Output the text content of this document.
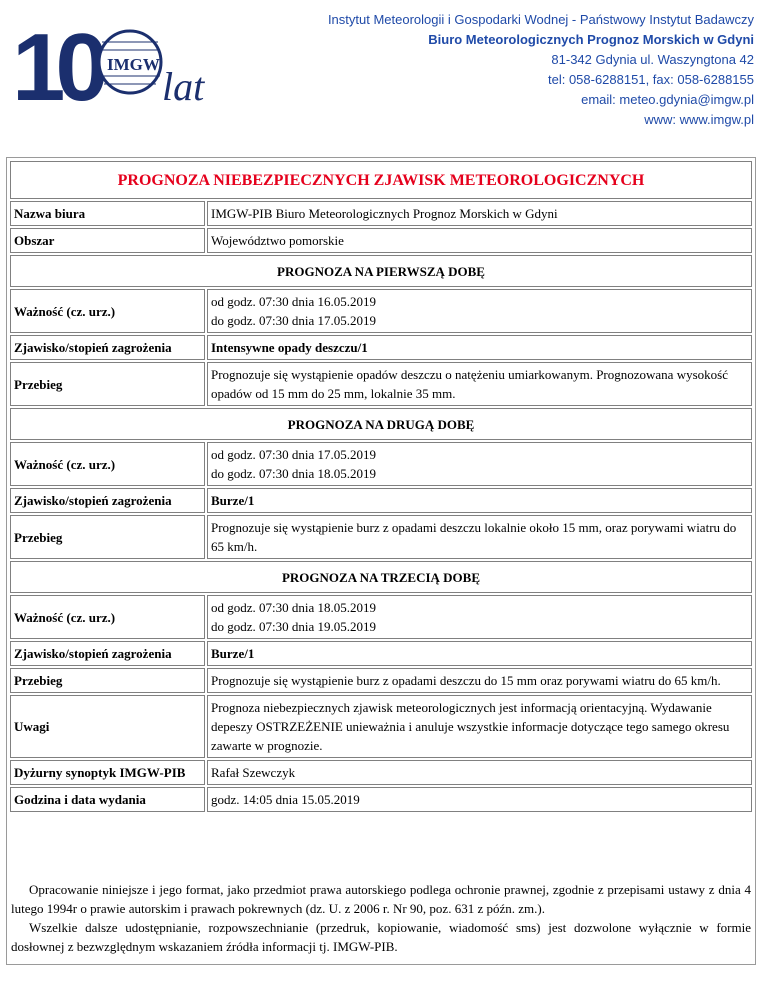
10 IMGW lat
Instytut Meteorologii i Gospodarki Wodnej - Państwowy Instytut Badawczy
Biuro Meteorologicznych Prognoz Morskich w Gdyni
81-342 Gdynia ul. Waszyngtona 42
tel: 058-6288151, fax: 058-6288155
email: meteo.gdynia@imgw.pl
www: www.imgw.pl
PROGNOZA NIEBEZPIECZNYCH ZJAWISK METEOROLOGICZNYCH	
Nazwa biura	IMGW-PIB Biuro Meteorologicznych Prognoz Morskich w Gdyni
Obszar	Województwo pomorskie
PROGNOZA NA PIERWSZĄ DOBĘ	
Ważność (cz. urz.)	od godz. 07:30 dnia 16.05.2019
do godz. 07:30 dnia 17.05.2019

Zjawisko/stopień zagrożenia	Intensywne opady deszczu/1
Przebieg	Prognozuje się wystąpienie opadów deszczu o natężeniu umiarkowanym. Prognozowana wysokość opadów od 15 mm do 25 mm, lokalnie 35 mm.
PROGNOZA NA DRUGĄ DOBĘ	
Ważność (cz. urz.)	od godz. 07:30 dnia 17.05.2019
do godz. 07:30 dnia 18.05.2019

Zjawisko/stopień zagrożenia	Burze/1
Przebieg	Prognozuje się wystąpienie burz z opadami deszczu lokalnie około 15 mm, oraz porywami wiatru do 65 km/h.
PROGNOZA NA TRZECIĄ DOBĘ	
Ważność (cz. urz.)	od godz. 07:30 dnia 18.05.2019
do godz. 07:30 dnia 19.05.2019

Zjawisko/stopień zagrożenia	Burze/1
Przebieg	Prognozuje się wystąpienie burz z opadami deszczu do 15 mm oraz porywami wiatru do 65 km/h.
Uwagi	Prognoza niebezpiecznych zjawisk meteorologicznych jest informacją orientacyjną. Wydawanie depeszy OSTRZEŻENIE unieważnia i anuluje wszystkie informacje dotyczące tego samego okresu zawarte w prognozie.
Dyżurny synoptyk IMGW-PIB	Rafał Szewczyk
Godzina i data wydania	godz. 14:05 dnia 15.05.2019

Opracowanie niniejsze i jego format, jako przedmiot prawa autorskiego podlega ochronie prawnej, zgodnie z przepisami ustawy z dnia 4 lutego 1994r o prawie autorskim i prawach pokrewnych (dz. U. z 2006 r. Nr 90, poz. 631 z późn. zm.).

Wszelkie dalsze udostępnianie, rozpowszechnianie (przedruk, kopiowanie, wiadomość sms) jest dozwolone wyłącznie w formie dosłownej z bezwzględnym wskazaniem źródła informacji tj. IMGW-PIB.
